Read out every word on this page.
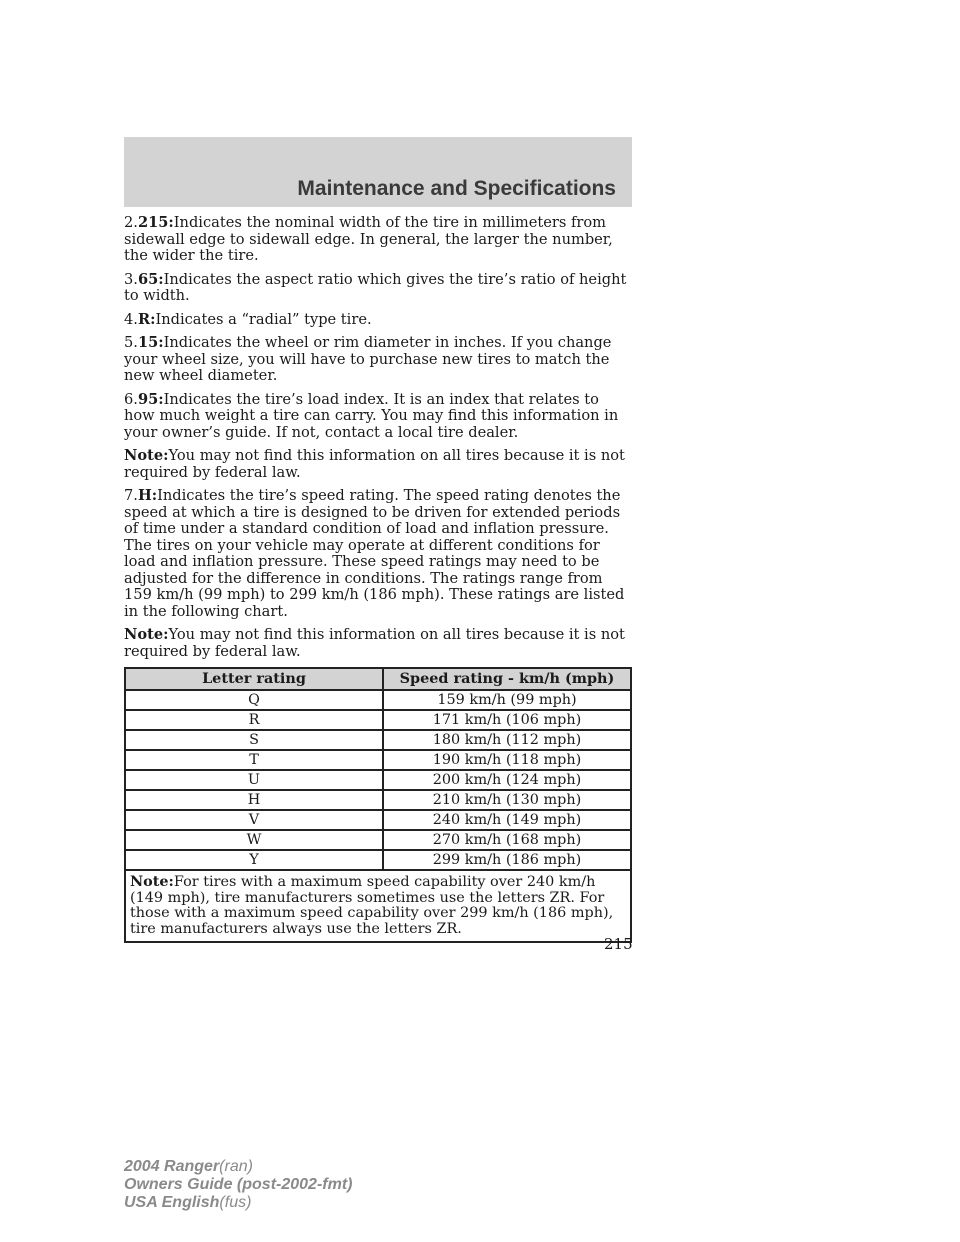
Maintenance and Specifications

2.215:Indicates the nominal width of the tire in millimeters from sidewall edge to sidewall edge. In general, the larger the number, the wider the tire.

3.65:Indicates the aspect ratio which gives the tire’s ratio of height to width.

4.R:Indicates a “radial” type tire.

5.15:Indicates the wheel or rim diameter in inches. If you change your wheel size, you will have to purchase new tires to match the new wheel diameter.

6.95:Indicates the tire’s load index. It is an index that relates to how much weight a tire can carry. You may find this information in your owner’s guide. If not, contact a local tire dealer.

Note:You may not find this information on all tires because it is not required by federal law.

7.H:Indicates the tire’s speed rating. The speed rating denotes the speed at which a tire is designed to be driven for extended periods of time under a standard condition of load and inflation pressure. The tires on your vehicle may operate at different conditions for load and inflation pressure. These speed ratings may need to be adjusted for the difference in conditions. The ratings range from 159 km/h (99 mph) to 299 km/h (186 mph). These ratings are listed in the following chart.

Note:You may not find this information on all tires because it is not required by federal law.

Letter rating	Speed rating - km/h (mph)
Q	159 km/h (99 mph)
R	171 km/h (106 mph)
S	180 km/h (112 mph)
T	190 km/h (118 mph)
U	200 km/h (124 mph)
H	210 km/h (130 mph)
V	240 km/h (149 mph)
W	270 km/h (168 mph)
Y	299 km/h (186 mph)
Note:For tires with a maximum speed capability over 240 km/h (149 mph), tire manufacturers sometimes use the letters ZR. For those with a maximum speed capability over 299 km/h (186 mph), tire manufacturers always use the letters ZR.	
215
2004 Ranger(ran)
Owners Guide (post-2002-fmt)
USA English(fus)
